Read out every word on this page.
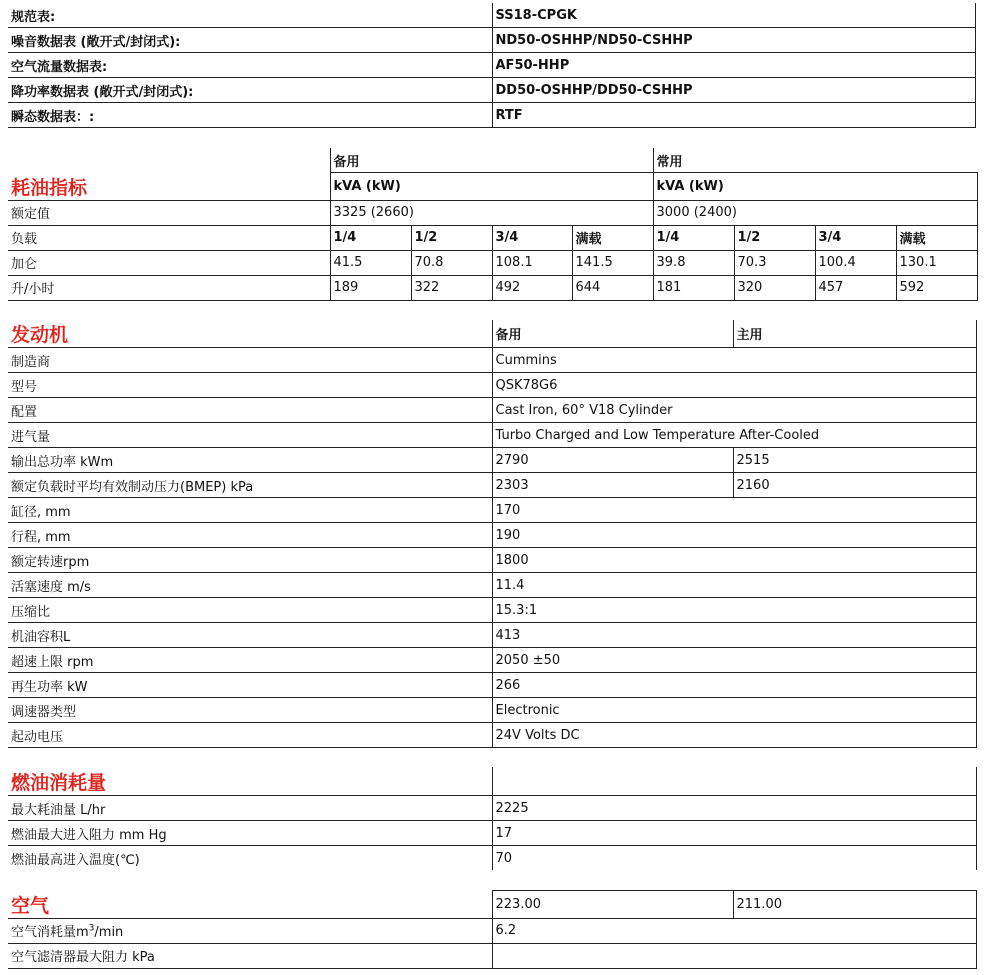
规范表:	SS18-CPGK
噪音数据表 (敞开式/封闭式):	ND50-OSHHP/ND50-CSHHP
空气流量数据表:	AF50-HHP
降功率数据表 (敞开式/封闭式):	DD50-OSHHP/DD50-CSHHP
瞬态数据表：:	RTF
	备用				常用			
耗油指标	kVA (kW)				kVA (kW)			
额定值	3325 (2660)				3000 (2400)			
负载	1/4	1/2	3/4	满载	1/4	1/2	3/4	满载
加仑	41.5	70.8	108.1	141.5	39.8	70.3	100.4	130.1
升/小时	189	322	492	644	181	320	457	592
发动机	备用	主用
制造商	Cummins	
型号	QSK78G6	
配置	Cast Iron, 60° V18 Cylinder	
进气量	Turbo Charged and Low Temperature After-Cooled	
输出总功率 kWm	2790	2515
额定负载时平均有效制动压力(BMEP) kPa	2303	2160
缸径, mm	170	
行程, mm	190	
额定转速rpm	1800	
活塞速度 m/s	11.4	
压缩比	15.3:1	
机油容积L	413	
超速上限 rpm	2050 ±50	
再生功率 kW	266	
调速器类型	Electronic	
起动电压	24V Volts DC	
燃油消耗量	
最大耗油量 L/hr	2225
燃油最大进入阻力 mm Hg	17
燃油最高进入温度(℃)	70
空气	223.00	211.00
空气消耗量$m^3/\min$	6.2	
空气滤清器最大阻力 kPa		
